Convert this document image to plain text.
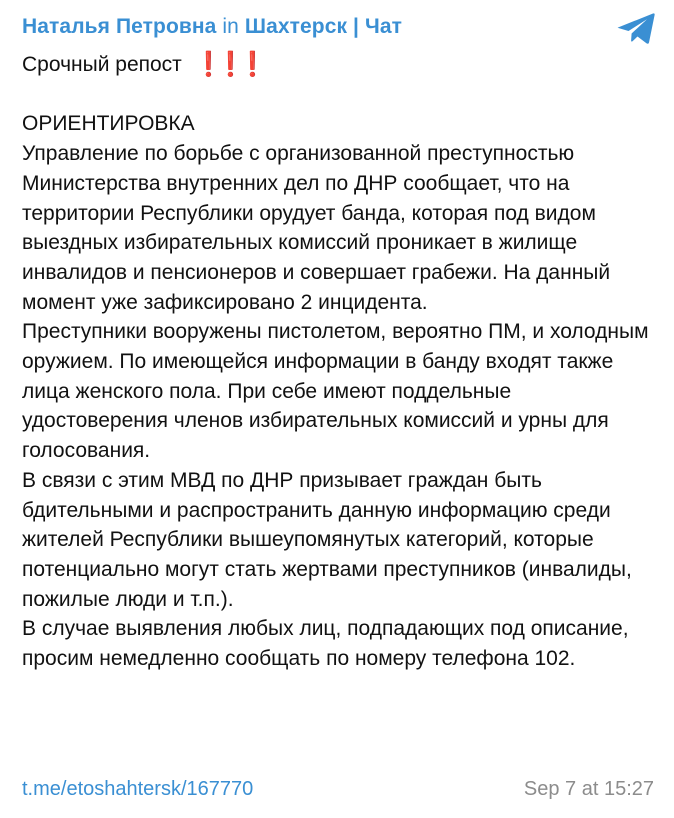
Наталья Петровна in Шахтерск | Чат
Срочный репост ❗
❗
❗

ОРИЕНТИРОВКА

Управление по борьбе с организованной преступностью Министерства внутренних дел по ДНР сообщает, что на территории Республики орудует банда, которая под видом выездных избирательных комиссий проникает в жилище инвалидов и пенсионеров и совершает грабежи. На данный момент уже зафиксировано 2 инцидента.

Преступники вооружены пистолетом, вероятно ПМ, и холодным оружием. По имеющейся информации в банду входят также лица женского пола. При себе имеют поддельные удостоверения членов избирательных комиссий и урны для голосования.

В связи с этим МВД по ДНР призывает граждан быть бдительными и распространить данную информацию среди жителей Республики вышеупомянутых категорий, которые потенциально могут стать жертвами преступников (инвалиды, пожилые люди и т.п.).

В случае выявления любых лиц, подпадающих под описание, просим немедленно сообщать по номеру телефона 102.

t.me/etoshahtersk/167770	Sep 7 at 15:27
